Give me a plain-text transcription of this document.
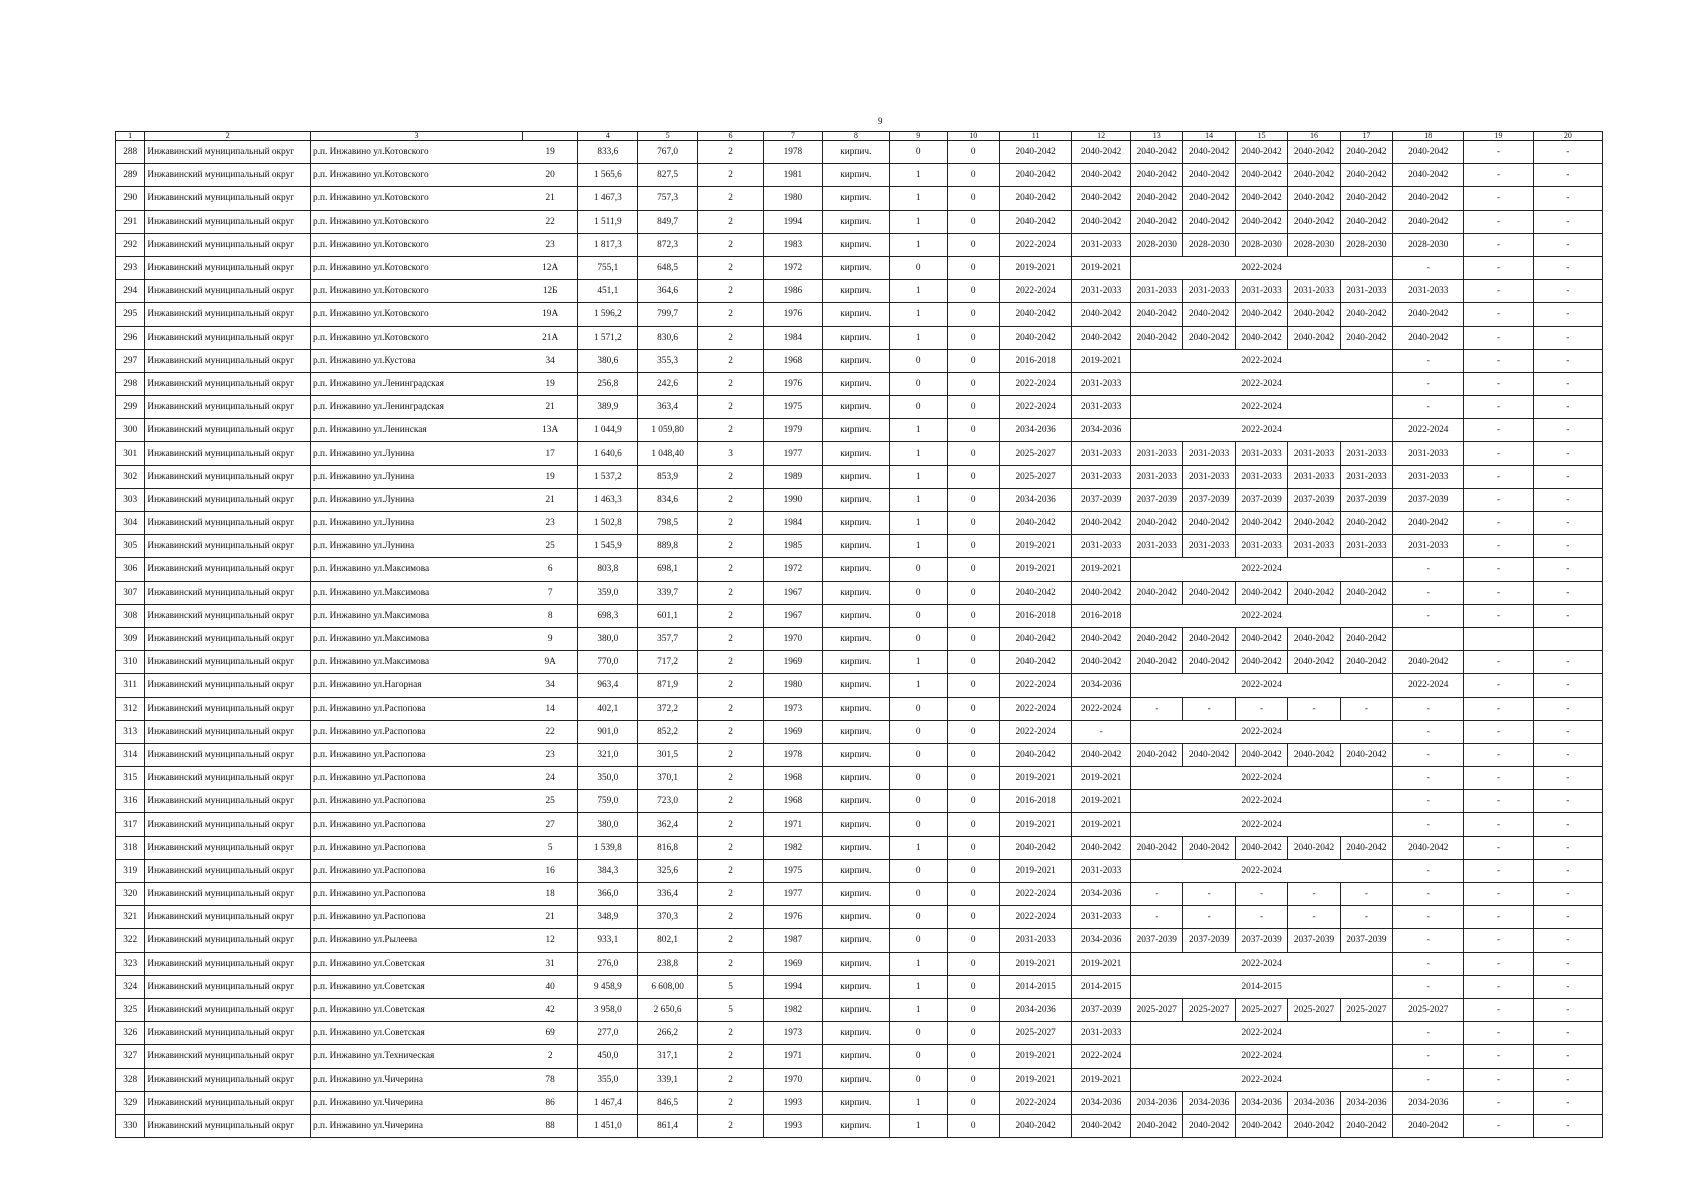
9
1	2	3		4	5	6	7	8	9	10	11	12	13	14	15	16	17	18	19	20
288	Инжавинский муниципальный округ	р.п. Инжавино ул.Котовского	19	833,6	767,0	2	1978	кирпич.	0	0	2040-2042	2040-2042	2040-2042	2040-2042	2040-2042	2040-2042	2040-2042	2040-2042	-	-
289	Инжавинский муниципальный округ	р.п. Инжавино ул.Котовского	20	1 565,6	827,5	2	1981	кирпич.	1	0	2040-2042	2040-2042	2040-2042	2040-2042	2040-2042	2040-2042	2040-2042	2040-2042	-	-
290	Инжавинский муниципальный округ	р.п. Инжавино ул.Котовского	21	1 467,3	757,3	2	1980	кирпич.	1	0	2040-2042	2040-2042	2040-2042	2040-2042	2040-2042	2040-2042	2040-2042	2040-2042	-	-
291	Инжавинский муниципальный округ	р.п. Инжавино ул.Котовского	22	1 511,9	849,7	2	1994	кирпич.	1	0	2040-2042	2040-2042	2040-2042	2040-2042	2040-2042	2040-2042	2040-2042	2040-2042	-	-
292	Инжавинский муниципальный округ	р.п. Инжавино ул.Котовского	23	1 817,3	872,3	2	1983	кирпич.	1	0	2022-2024	2031-2033	2028-2030	2028-2030	2028-2030	2028-2030	2028-2030	2028-2030	-	-
293	Инжавинский муниципальный округ	р.п. Инжавино ул.Котовского	12А	755,1	648,5	2	1972	кирпич.	0	0	2019-2021	2019-2021	2022-2024					-	-	-
294	Инжавинский муниципальный округ	р.п. Инжавино ул.Котовского	12Б	451,1	364,6	2	1986	кирпич.	1	0	2022-2024	2031-2033	2031-2033	2031-2033	2031-2033	2031-2033	2031-2033	2031-2033	-	-
295	Инжавинский муниципальный округ	р.п. Инжавино ул.Котовского	19А	1 596,2	799,7	2	1976	кирпич.	1	0	2040-2042	2040-2042	2040-2042	2040-2042	2040-2042	2040-2042	2040-2042	2040-2042	-	-
296	Инжавинский муниципальный округ	р.п. Инжавино ул.Котовского	21А	1 571,2	830,6	2	1984	кирпич.	1	0	2040-2042	2040-2042	2040-2042	2040-2042	2040-2042	2040-2042	2040-2042	2040-2042	-	-
297	Инжавинский муниципальный округ	р.п. Инжавино ул.Кустова	34	380,6	355,3	2	1968	кирпич.	0	0	2016-2018	2019-2021	2022-2024					-	-	-
298	Инжавинский муниципальный округ	р.п. Инжавино ул.Ленинградская	19	256,8	242,6	2	1976	кирпич.	0	0	2022-2024	2031-2033	2022-2024					-	-	-
299	Инжавинский муниципальный округ	р.п. Инжавино ул.Ленинградская	21	389,9	363,4	2	1975	кирпич.	0	0	2022-2024	2031-2033	2022-2024					-	-	-
300	Инжавинский муниципальный округ	р.п. Инжавино ул.Ленинская	13А	1 044,9	1 059,80	2	1979	кирпич.	1	0	2034-2036	2034-2036	2022-2024					2022-2024	-	-
301	Инжавинский муниципальный округ	р.п. Инжавино ул.Лунина	17	1 640,6	1 048,40	3	1977	кирпич.	1	0	2025-2027	2031-2033	2031-2033	2031-2033	2031-2033	2031-2033	2031-2033	2031-2033	-	-
302	Инжавинский муниципальный округ	р.п. Инжавино ул.Лунина	19	1 537,2	853,9	2	1989	кирпич.	1	0	2025-2027	2031-2033	2031-2033	2031-2033	2031-2033	2031-2033	2031-2033	2031-2033	-	-
303	Инжавинский муниципальный округ	р.п. Инжавино ул.Лунина	21	1 463,3	834,6	2	1990	кирпич.	1	0	2034-2036	2037-2039	2037-2039	2037-2039	2037-2039	2037-2039	2037-2039	2037-2039	-	-
304	Инжавинский муниципальный округ	р.п. Инжавино ул.Лунина	23	1 502,8	798,5	2	1984	кирпич.	1	0	2040-2042	2040-2042	2040-2042	2040-2042	2040-2042	2040-2042	2040-2042	2040-2042	-	-
305	Инжавинский муниципальный округ	р.п. Инжавино ул.Лунина	25	1 545,9	889,8	2	1985	кирпич.	1	0	2019-2021	2031-2033	2031-2033	2031-2033	2031-2033	2031-2033	2031-2033	2031-2033	-	-
306	Инжавинский муниципальный округ	р.п. Инжавино ул.Максимова	6	803,8	698,1	2	1972	кирпич.	0	0	2019-2021	2019-2021	2022-2024					-	-	-
307	Инжавинский муниципальный округ	р.п. Инжавино ул.Максимова	7	359,0	339,7	2	1967	кирпич.	0	0	2040-2042	2040-2042	2040-2042	2040-2042	2040-2042	2040-2042	2040-2042	-	-	-
308	Инжавинский муниципальный округ	р.п. Инжавино ул.Максимова	8	698,3	601,1	2	1967	кирпич.	0	0	2016-2018	2016-2018	2022-2024					-	-	-
309	Инжавинский муниципальный округ	р.п. Инжавино ул.Максимова	9	380,0	357,7	2	1970	кирпич.	0	0	2040-2042	2040-2042	2040-2042	2040-2042	2040-2042	2040-2042	2040-2042			
310	Инжавинский муниципальный округ	р.п. Инжавино ул.Максимова	9А	770,0	717,2	2	1969	кирпич.	1	0	2040-2042	2040-2042	2040-2042	2040-2042	2040-2042	2040-2042	2040-2042	2040-2042	-	-
311	Инжавинский муниципальный округ	р.п. Инжавино ул.Нагорная	34	963,4	871,9	2	1980	кирпич.	1	0	2022-2024	2034-2036	2022-2024					2022-2024	-	-
312	Инжавинский муниципальный округ	р.п. Инжавино ул.Распопова	14	402,1	372,2	2	1973	кирпич.	0	0	2022-2024	2022-2024	-	-	-	-	-	-	-	-
313	Инжавинский муниципальный округ	р.п. Инжавино ул.Распопова	22	901,0	852,2	2	1969	кирпич.	0	0	2022-2024	-	2022-2024					-	-	-
314	Инжавинский муниципальный округ	р.п. Инжавино ул.Распопова	23	321,0	301,5	2	1978	кирпич.	0	0	2040-2042	2040-2042	2040-2042	2040-2042	2040-2042	2040-2042	2040-2042	-	-	-
315	Инжавинский муниципальный округ	р.п. Инжавино ул.Распопова	24	350,0	370,1	2	1968	кирпич.	0	0	2019-2021	2019-2021	2022-2024					-	-	-
316	Инжавинский муниципальный округ	р.п. Инжавино ул.Распопова	25	759,0	723,0	2	1968	кирпич.	0	0	2016-2018	2019-2021	2022-2024					-	-	-
317	Инжавинский муниципальный округ	р.п. Инжавино ул.Распопова	27	380,0	362,4	2	1971	кирпич.	0	0	2019-2021	2019-2021	2022-2024					-	-	-
318	Инжавинский муниципальный округ	р.п. Инжавино ул.Распопова	5	1 539,8	816,8	2	1982	кирпич.	1	0	2040-2042	2040-2042	2040-2042	2040-2042	2040-2042	2040-2042	2040-2042	2040-2042	-	-
319	Инжавинский муниципальный округ	р.п. Инжавино ул.Распопова	16	384,3	325,6	2	1975	кирпич.	0	0	2019-2021	2031-2033	2022-2024					-	-	-
320	Инжавинский муниципальный округ	р.п. Инжавино ул.Распопова	18	366,0	336,4	2	1977	кирпич.	0	0	2022-2024	2034-2036	-	-	-	-	-	-	-	-
321	Инжавинский муниципальный округ	р.п. Инжавино ул.Распопова	21	348,9	370,3	2	1976	кирпич.	0	0	2022-2024	2031-2033	-	-	-	-	-	-	-	-
322	Инжавинский муниципальный округ	р.п. Инжавино ул.Рылеева	12	933,1	802,1	2	1987	кирпич.	0	0	2031-2033	2034-2036	2037-2039	2037-2039	2037-2039	2037-2039	2037-2039	-	-	-
323	Инжавинский муниципальный округ	р.п. Инжавино ул.Советская	31	276,0	238,8	2	1969	кирпич.	1	0	2019-2021	2019-2021	2022-2024					-	-	-
324	Инжавинский муниципальный округ	р.п. Инжавино ул.Советская	40	9 458,9	6 608,00	5	1994	кирпич.	1	0	2014-2015	2014-2015	2014-2015					-	-	-
325	Инжавинский муниципальный округ	р.п. Инжавино ул.Советская	42	3 958,0	2 650,6	5	1982	кирпич.	1	0	2034-2036	2037-2039	2025-2027	2025-2027	2025-2027	2025-2027	2025-2027	2025-2027	-	-
326	Инжавинский муниципальный округ	р.п. Инжавино ул.Советская	69	277,0	266,2	2	1973	кирпич.	0	0	2025-2027	2031-2033	2022-2024					-	-	-
327	Инжавинский муниципальный округ	р.п. Инжавино ул.Техническая	2	450,0	317,1	2	1971	кирпич.	0	0	2019-2021	2022-2024	2022-2024					-	-	-
328	Инжавинский муниципальный округ	р.п. Инжавино ул.Чичерина	78	355,0	339,1	2	1970	кирпич.	0	0	2019-2021	2019-2021	2022-2024					-	-	-
329	Инжавинский муниципальный округ	р.п. Инжавино ул.Чичерина	86	1 467,4	846,5	2	1993	кирпич.	1	0	2022-2024	2034-2036	2034-2036	2034-2036	2034-2036	2034-2036	2034-2036	2034-2036	-	-
330	Инжавинский муниципальный округ	р.п. Инжавино ул.Чичерина	88	1 451,0	861,4	2	1993	кирпич.	1	0	2040-2042	2040-2042	2040-2042	2040-2042	2040-2042	2040-2042	2040-2042	2040-2042	-	-
